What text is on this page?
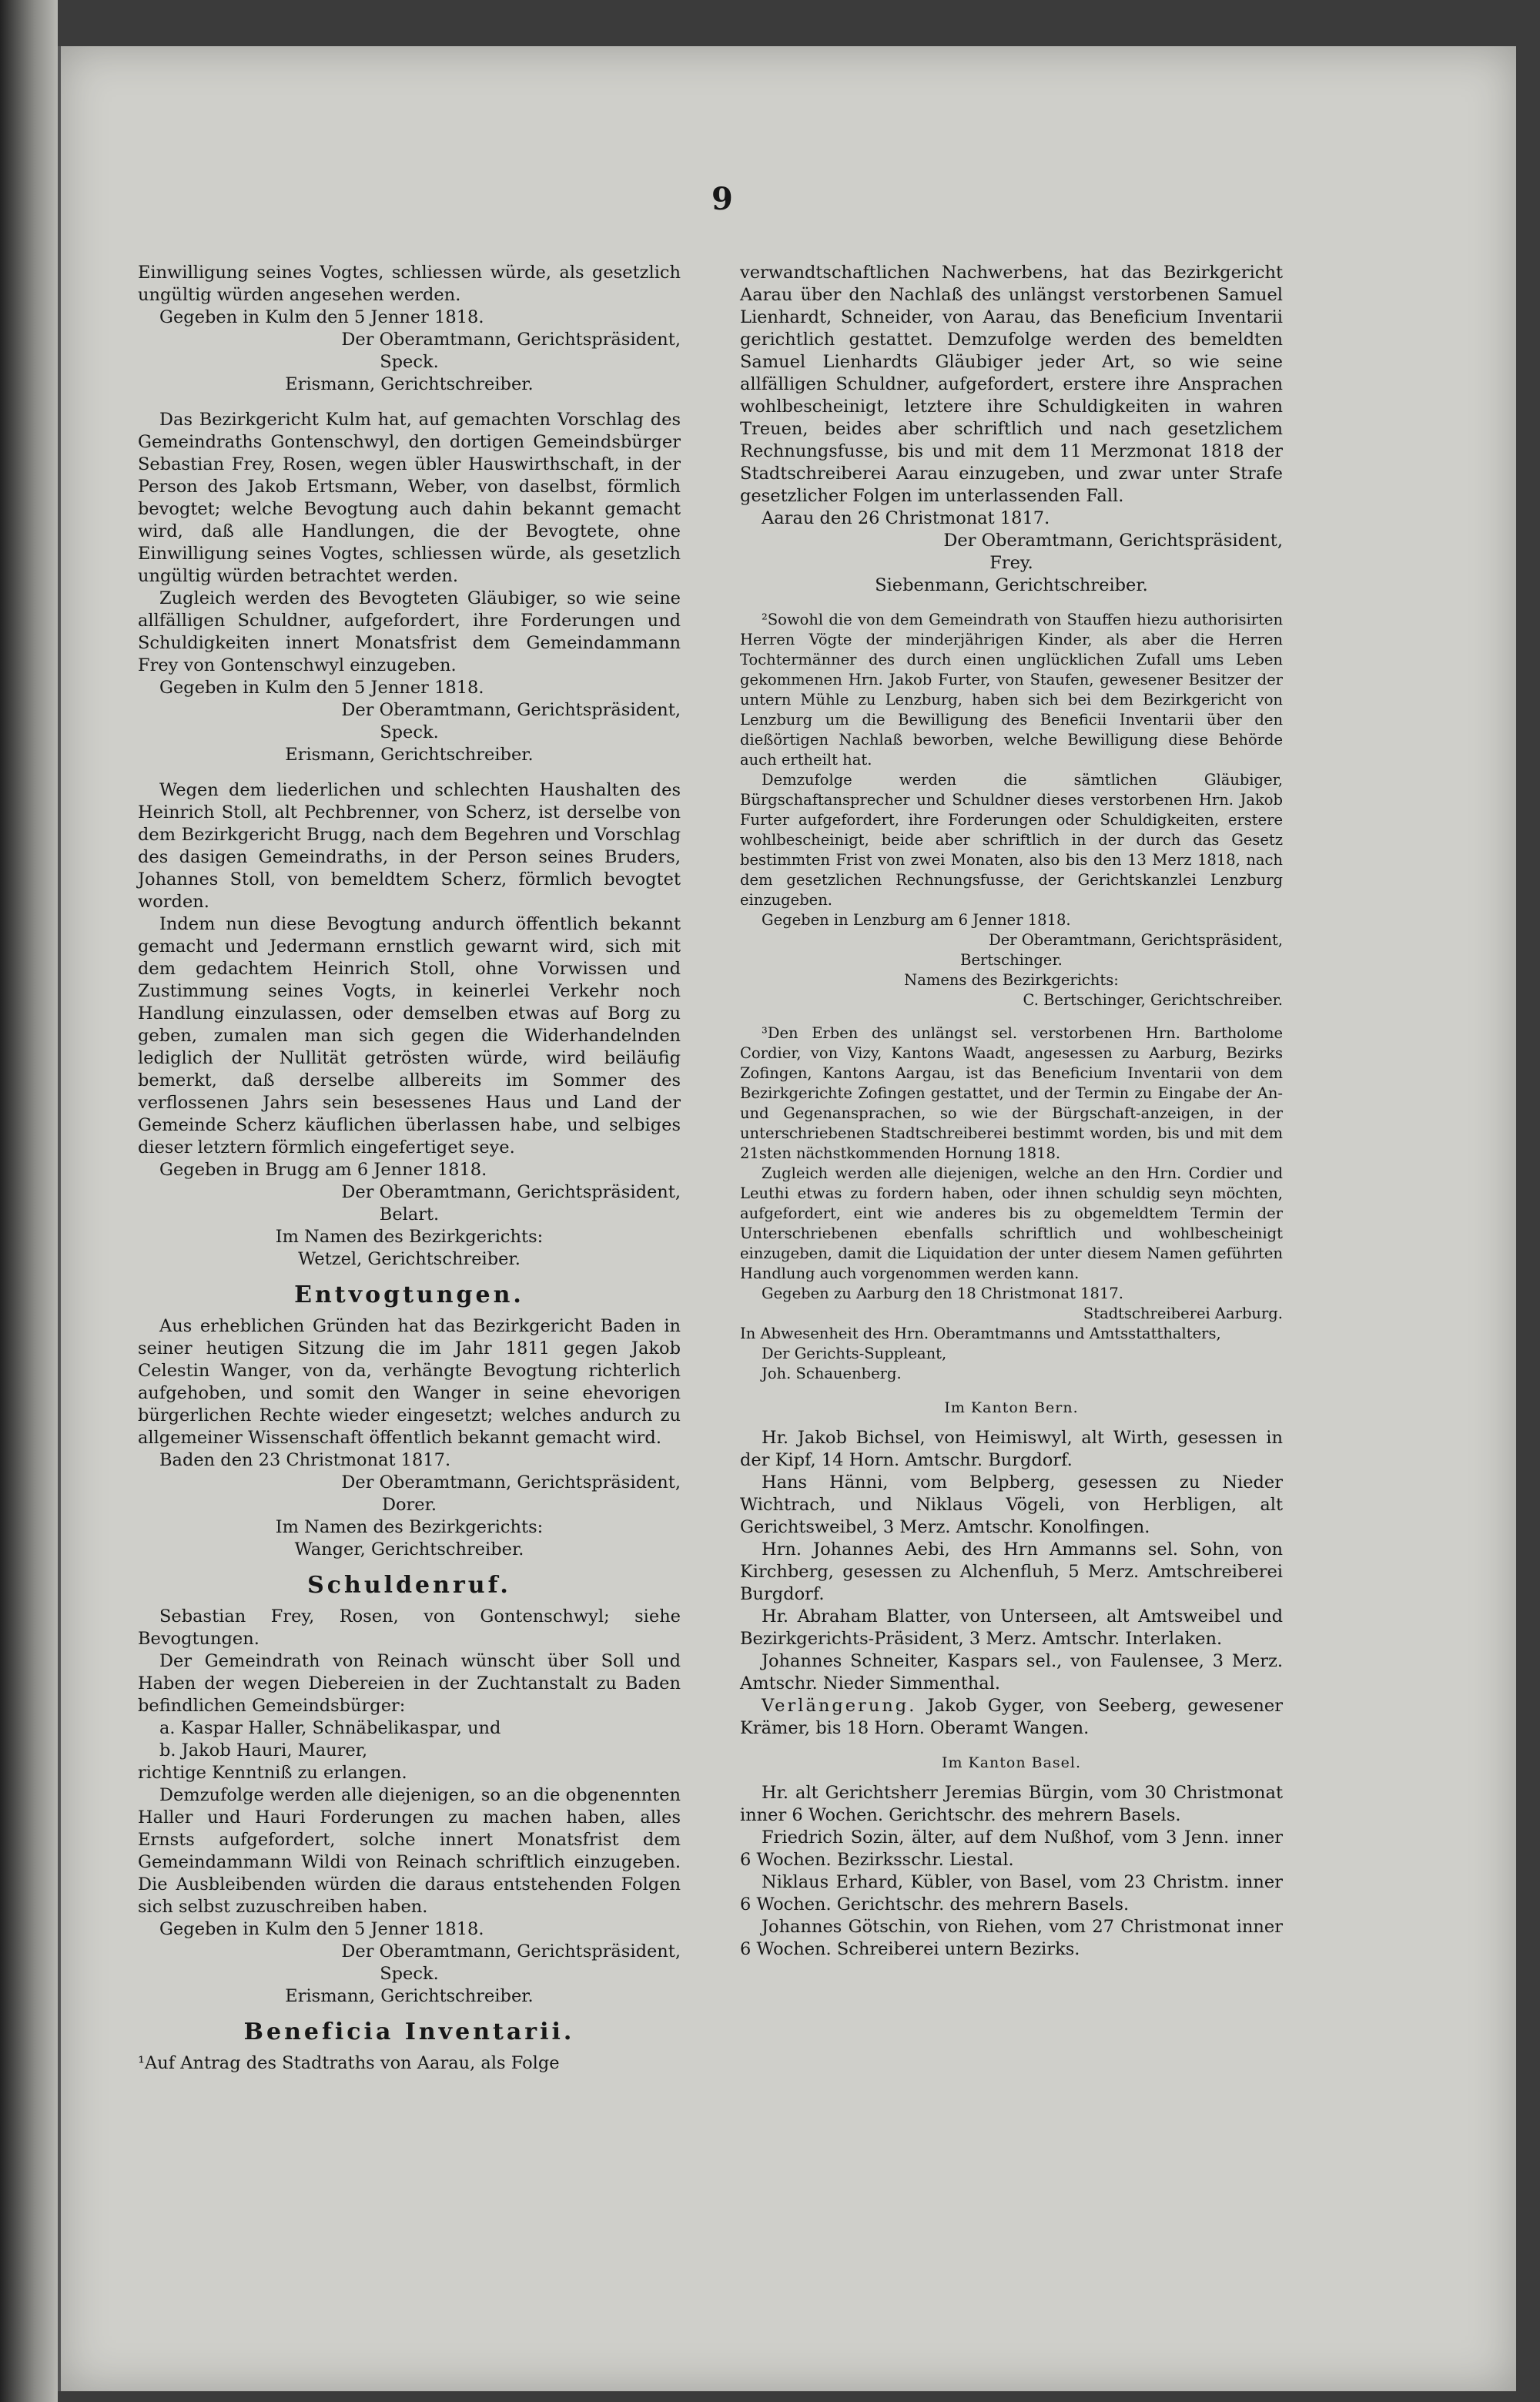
9

Einwilligung seines Vogtes, schliessen würde, als gesetzlich ungültig würden angesehen werden.

Gegeben in Kulm den 5 Jenner 1818.

Der Oberamtmann, Gerichtspräsident,

Speck.

Erismann, Gerichtschreiber.

Das Bezirkgericht Kulm hat, auf gemachten Vorschlag des Gemeindraths Gontenschwyl, den dortigen Gemeindsbürger Sebastian Frey, Rosen, wegen übler Hauswirthschaft, in der Person des Jakob Ertsmann, Weber, von daselbst, förmlich bevogtet; welche Bevogtung auch dahin bekannt gemacht wird, daß alle Handlungen, die der Bevogtete, ohne Einwilligung seines Vogtes, schliessen würde, als gesetzlich ungültig würden betrachtet werden.

Zugleich werden des Bevogteten Gläubiger, so wie seine allfälligen Schuldner, aufgefordert, ihre Forderungen und Schuldigkeiten innert Monatsfrist dem Gemeindammann Frey von Gontenschwyl einzugeben.

Gegeben in Kulm den 5 Jenner 1818.

Der Oberamtmann, Gerichtspräsident,

Speck.

Erismann, Gerichtschreiber.

Wegen dem liederlichen und schlechten Haushalten des Heinrich Stoll, alt Pechbrenner, von Scherz, ist derselbe von dem Bezirkgericht Brugg, nach dem Begehren und Vorschlag des dasigen Gemeindraths, in der Person seines Bruders, Johannes Stoll, von bemeldtem Scherz, förmlich bevogtet worden.

Indem nun diese Bevogtung andurch öffentlich bekannt gemacht und Jedermann ernstlich gewarnt wird, sich mit dem gedachtem Heinrich Stoll, ohne Vorwissen und Zustimmung seines Vogts, in keinerlei Verkehr noch Handlung einzulassen, oder demselben etwas auf Borg zu geben, zumalen man sich gegen die Widerhandelnden lediglich der Nullität getrösten würde, wird beiläufig bemerkt, daß derselbe allbereits im Sommer des verflossenen Jahrs sein besessenes Haus und Land der Gemeinde Scherz käuflichen überlassen habe, und selbiges dieser letztern förmlich eingefertiget seye.

Gegeben in Brugg am 6 Jenner 1818.

Der Oberamtmann, Gerichtspräsident,

Belart.

Im Namen des Bezirkgerichts:

Wetzel, Gerichtschreiber.

Entvogtungen.

Aus erheblichen Gründen hat das Bezirkgericht Baden in seiner heutigen Sitzung die im Jahr 1811 gegen Jakob Celestin Wanger, von da, verhängte Bevogtung richterlich aufgehoben, und somit den Wanger in seine ehevorigen bürgerlichen Rechte wieder eingesetzt; welches andurch zu allgemeiner Wissenschaft öffentlich bekannt gemacht wird.

Baden den 23 Christmonat 1817.

Der Oberamtmann, Gerichtspräsident,

Dorer.

Im Namen des Bezirkgerichts:

Wanger, Gerichtschreiber.

Schuldenruf.

Sebastian Frey, Rosen, von Gontenschwyl; siehe Bevogtungen.

Der Gemeindrath von Reinach wünscht über Soll und Haben der wegen Diebereien in der Zuchtanstalt zu Baden befindlichen Gemeindsbürger:

a. Kaspar Haller, Schnäbelikaspar, und

b. Jakob Hauri, Maurer,

richtige Kenntniß zu erlangen.

Demzufolge werden alle diejenigen, so an die obgenennten Haller und Hauri Forderungen zu machen haben, alles Ernsts aufgefordert, solche innert Monatsfrist dem Gemeindammann Wildi von Reinach schriftlich einzugeben. Die Ausbleibenden würden die daraus entstehenden Folgen sich selbst zuzuschreiben haben.

Gegeben in Kulm den 5 Jenner 1818.

Der Oberamtmann, Gerichtspräsident,

Speck.

Erismann, Gerichtschreiber.

Beneficia Inventarii.

¹Auf Antrag des Stadtraths von Aarau, als Folge

verwandtschaftlichen Nachwerbens, hat das Bezirkgericht Aarau über den Nachlaß des unlängst verstorbenen Samuel Lienhardt, Schneider, von Aarau, das Beneficium Inventarii gerichtlich gestattet. Demzufolge werden des bemeldten Samuel Lienhardts Gläubiger jeder Art, so wie seine allfälligen Schuldner, aufgefordert, erstere ihre Ansprachen wohlbescheinigt, letztere ihre Schuldigkeiten in wahren Treuen, beides aber schriftlich und nach gesetzlichem Rechnungsfusse, bis und mit dem 11 Merzmonat 1818 der Stadtschreiberei Aarau einzugeben, und zwar unter Strafe gesetzlicher Folgen im unterlassenden Fall.

Aarau den 26 Christmonat 1817.

Der Oberamtmann, Gerichtspräsident,

Frey.

Siebenmann, Gerichtschreiber.

²Sowohl die von dem Gemeindrath von Stauffen hiezu authorisirten Herren Vögte der minderjährigen Kinder, als aber die Herren Tochtermänner des durch einen unglücklichen Zufall ums Leben gekommenen Hrn. Jakob Furter, von Staufen, gewesener Besitzer der untern Mühle zu Lenzburg, haben sich bei dem Bezirkgericht von Lenzburg um die Bewilligung des Beneficii Inventarii über den dießörtigen Nachlaß beworben, welche Bewilligung diese Behörde auch ertheilt hat.

Demzufolge werden die sämtlichen Gläubiger, Bürgschaftansprecher und Schuldner dieses verstorbenen Hrn. Jakob Furter aufgefordert, ihre Forderungen oder Schuldigkeiten, erstere wohlbescheinigt, beide aber schriftlich in der durch das Gesetz bestimmten Frist von zwei Monaten, also bis den 13 Merz 1818, nach dem gesetzlichen Rechnungsfusse, der Gerichtskanzlei Lenzburg einzugeben.

Gegeben in Lenzburg am 6 Jenner 1818.

Der Oberamtmann, Gerichtspräsident,

Bertschinger.

Namens des Bezirkgerichts:

C. Bertschinger, Gerichtschreiber.

³Den Erben des unlängst sel. verstorbenen Hrn. Bartholome Cordier, von Vizy, Kantons Waadt, angesessen zu Aarburg, Bezirks Zofingen, Kantons Aargau, ist das Beneficium Inventarii von dem Bezirkgerichte Zofingen gestattet, und der Termin zu Eingabe der An- und Gegenansprachen, so wie der Bürgschaft-anzeigen, in der unterschriebenen Stadtschreiberei bestimmt worden, bis und mit dem 21sten nächstkommenden Hornung 1818.

Zugleich werden alle diejenigen, welche an den Hrn. Cordier und Leuthi etwas zu fordern haben, oder ihnen schuldig seyn möchten, aufgefordert, eint wie anderes bis zu obgemeldtem Termin der Unterschriebenen ebenfalls schriftlich und wohlbescheinigt einzugeben, damit die Liquidation der unter diesem Namen geführten Handlung auch vorgenommen werden kann.

Gegeben zu Aarburg den 18 Christmonat 1817.

Stadtschreiberei Aarburg.

In Abwesenheit des Hrn. Oberamtmanns und Amtsstatthalters,

Der Gerichts-Suppleant,

Joh. Schauenberg.

Im Kanton Bern.

Hr. Jakob Bichsel, von Heimiswyl, alt Wirth, gesessen in der Kipf, 14 Horn. Amtschr. Burgdorf.

Hans Hänni, vom Belpberg, gesessen zu Nieder Wichtrach, und Niklaus Vögeli, von Herbligen, alt Gerichtsweibel, 3 Merz. Amtschr. Konolfingen.

Hrn. Johannes Aebi, des Hrn Ammanns sel. Sohn, von Kirchberg, gesessen zu Alchenfluh, 5 Merz. Amtschreiberei Burgdorf.

Hr. Abraham Blatter, von Unterseen, alt Amtsweibel und Bezirkgerichts-Präsident, 3 Merz. Amtschr. Interlaken.

Johannes Schneiter, Kaspars sel., von Faulensee, 3 Merz. Amtschr. Nieder Simmenthal.

Verlängerung. Jakob Gyger, von Seeberg, gewesener Krämer, bis 18 Horn. Oberamt Wangen.

Im Kanton Basel.

Hr. alt Gerichtsherr Jeremias Bürgin, vom 30 Christmonat inner 6 Wochen. Gerichtschr. des mehrern Basels.

Friedrich Sozin, älter, auf dem Nußhof, vom 3 Jenn. inner 6 Wochen. Bezirksschr. Liestal.

Niklaus Erhard, Kübler, von Basel, vom 23 Christm. inner 6 Wochen. Gerichtschr. des mehrern Basels.

Johannes Götschin, von Riehen, vom 27 Christmonat inner 6 Wochen. Schreiberei untern Bezirks.
